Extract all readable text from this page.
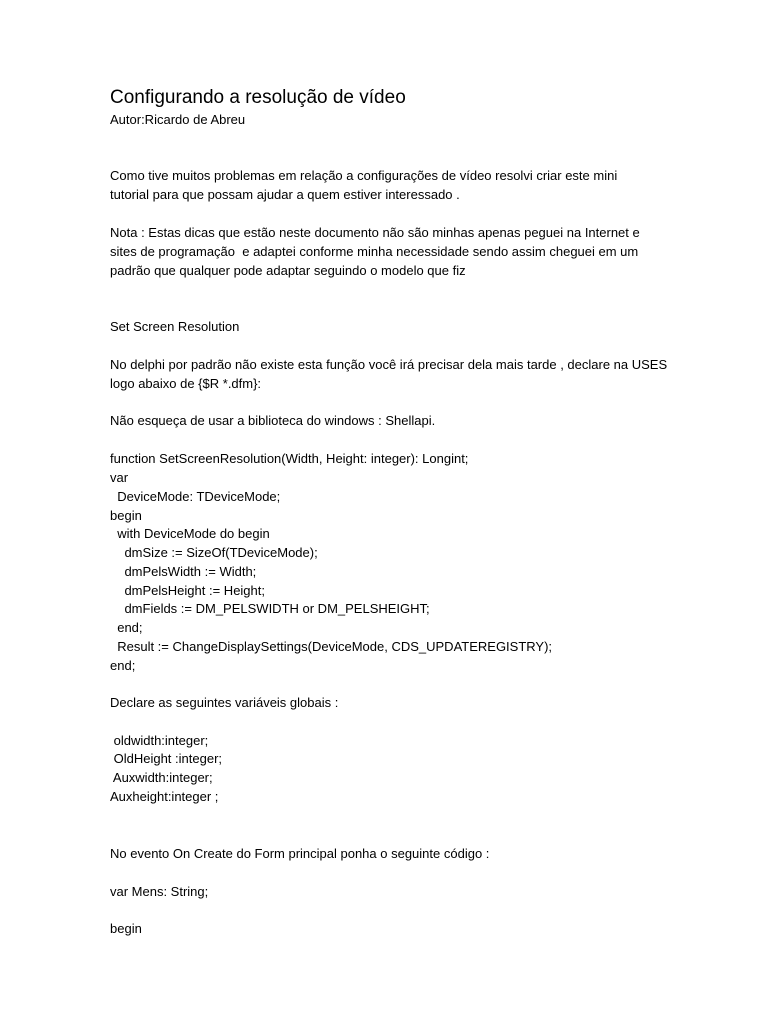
Configurando a resolução de vídeo
Autor:Ricardo de Abreu
Como tive muitos problemas em relação a configurações de vídeo resolvi criar este mini
tutorial para que possam ajudar a quem estiver interessado .
Nota : Estas dicas que estão neste documento não são minhas apenas peguei na Internet e
sites de programação  e adaptei conforme minha necessidade sendo assim cheguei em um
padrão que qualquer pode adaptar seguindo o modelo que fiz
Set Screen Resolution
No delphi por padrão não existe esta função você irá precisar dela mais tarde , declare na USES
logo abaixo de {$R *.dfm}:
Não esqueça de usar a biblioteca do windows : Shellapi.
function SetScreenResolution(Width, Height: integer): Longint;
var
DeviceMode: TDeviceMode;
begin
with DeviceMode do begin
dmSize := SizeOf(TDeviceMode);
dmPelsWidth := Width;
dmPelsHeight := Height;
dmFields := DM_PELSWIDTH or DM_PELSHEIGHT;
end;
Result := ChangeDisplaySettings(DeviceMode, CDS_UPDATEREGISTRY);
end;
Declare as seguintes variáveis globais :
oldwidth:integer;
OldHeight :integer;
Auxwidth:integer;
Auxheight:integer ;
No evento On Create do Form principal ponha o seguinte código :
var Mens: String;
begin
